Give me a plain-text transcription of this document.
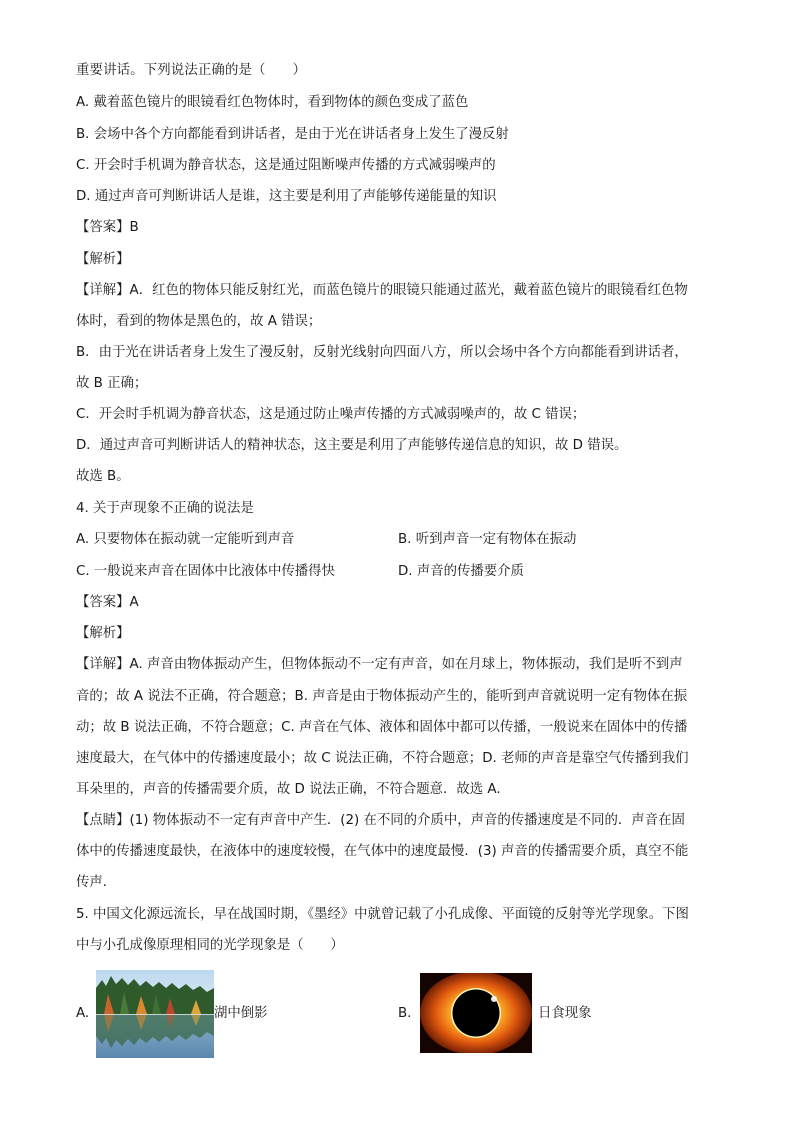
重要讲话。下列说法正确的是（　　）
A. 戴着蓝色镜片的眼镜看红色物体时，看到物体的颜色变成了蓝色
B. 会场中各个方向都能看到讲话者，是由于光在讲话者身上发生了漫反射
C. 开会时手机调为静音状态，这是通过阻断噪声传播的方式减弱噪声的
D. 通过声音可判断讲话人是谁，这主要是利用了声能够传递能量的知识
【答案】B
【解析】
【详解】A．红色的物体只能反射红光，而蓝色镜片的眼镜只能通过蓝光，戴着蓝色镜片的眼镜看红色物
体时，看到的物体是黑色的，故 A 错误；
B．由于光在讲话者身上发生了漫反射，反射光线射向四面八方，所以会场中各个方向都能看到讲话者，
故 B 正确；
C．开会时手机调为静音状态，这是通过防止噪声传播的方式减弱噪声的，故 C 错误；
D．通过声音可判断讲话人的精神状态，这主要是利用了声能够传递信息的知识，故 D 错误。
故选 B。
4. 关于声现象不正确的说法是
A. 只要物体在振动就一定能听到声音	B. 听到声音一定有物体在振动
C. 一般说来声音在固体中比液体中传播得快	D. 声音的传播要介质
【答案】A
【解析】
【详解】A. 声音由物体振动产生，但物体振动不一定有声音，如在月球上，物体振动，我们是听不到声
音的；故 A 说法不正确，符合题意；B. 声音是由于物体振动产生的，能听到声音就说明一定有物体在振
动；故 B 说法正确，不符合题意；C. 声音在气体、液体和固体中都可以传播，一般说来在固体中的传播
速度最大，在气体中的传播速度最小；故 C 说法正确，不符合题意；D. 老师的声音是靠空气传播到我们
耳朵里的，声音的传播需要介质，故 D 说法正确，不符合题意．故选 A.
【点睛】(1) 物体振动不一定有声音中产生．(2) 在不同的介质中，声音的传播速度是不同的．声音在固
体中的传播速度最快，在液体中的速度较慢，在气体中的速度最慢．(3) 声音的传播需要介质，真空不能
传声．
5. 中国文化源远流长，早在战国时期，《墨经》中就曾记载了小孔成像、平面镜的反射等光学现象。下图
中与小孔成像原理相同的光学现象是（　　）
A.	湖中倒影	B.	日食现象
